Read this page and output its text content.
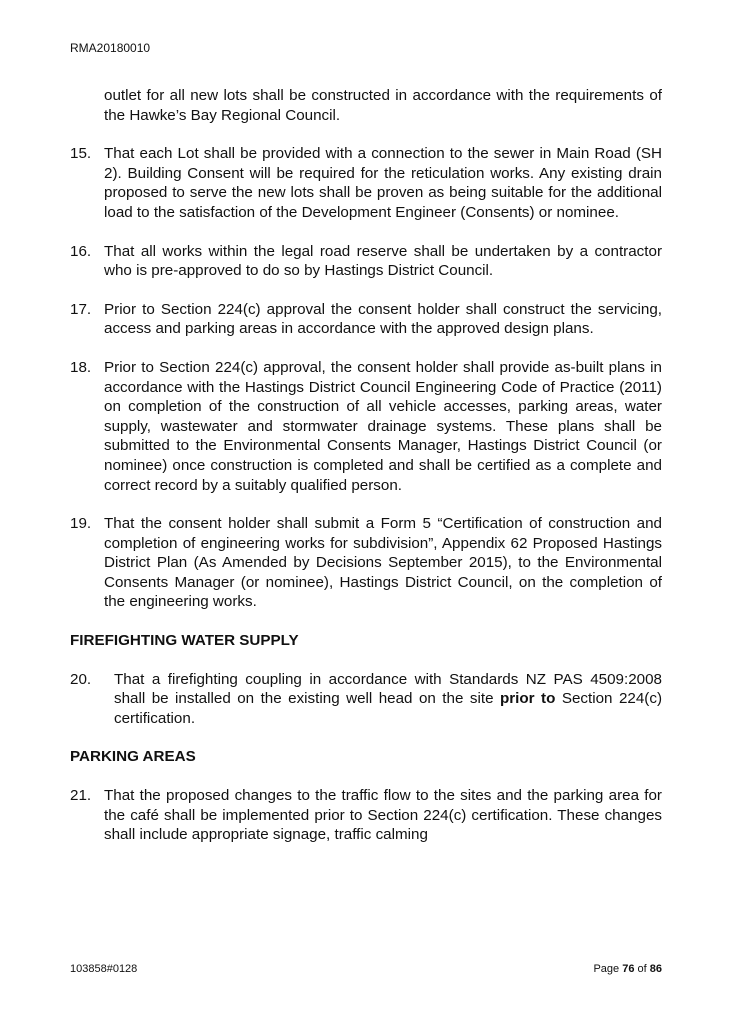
RMA20180010

outlet for all new lots shall be constructed in accordance with the requirements of the Hawke’s Bay Regional Council.

15. That each Lot shall be provided with a connection to the sewer in Main Road (SH 2). Building Consent will be required for the reticulation works. Any existing drain proposed to serve the new lots shall be proven as being suitable for the additional load to the satisfaction of the Development Engineer (Consents) or nominee.

16. That all works within the legal road reserve shall be undertaken by a contractor who is pre-approved to do so by Hastings District Council.

17. Prior to Section 224(c) approval the consent holder shall construct the servicing, access and parking areas in accordance with the approved design plans.

18. Prior to Section 224(c) approval, the consent holder shall provide as-built plans in accordance with the Hastings District Council Engineering Code of Practice (2011) on completion of the construction of all vehicle accesses, parking areas, water supply, wastewater and stormwater drainage systems. These plans shall be submitted to the Environmental Consents Manager, Hastings District Council (or nominee) once construction is completed and shall be certified as a complete and correct record by a suitably qualified person.

19. That the consent holder shall submit a Form 5 “Certification of construction and completion of engineering works for subdivision”, Appendix 62 Proposed Hastings District Plan (As Amended by Decisions September 2015), to the Environmental Consents Manager (or nominee), Hastings District Council, on the completion of the engineering works.

FIREFIGHTING WATER SUPPLY
20.	That a firefighting coupling in accordance with Standards NZ PAS 4509:2008 shall be installed on the existing well head on the site prior to Section 224(c) certification.

PARKING AREAS
21. That the proposed changes to the traffic flow to the sites and the parking area for the café shall be implemented prior to Section 224(c) certification. These changes shall include appropriate signage, traffic calming

103858#0128	Page 76 of 86
